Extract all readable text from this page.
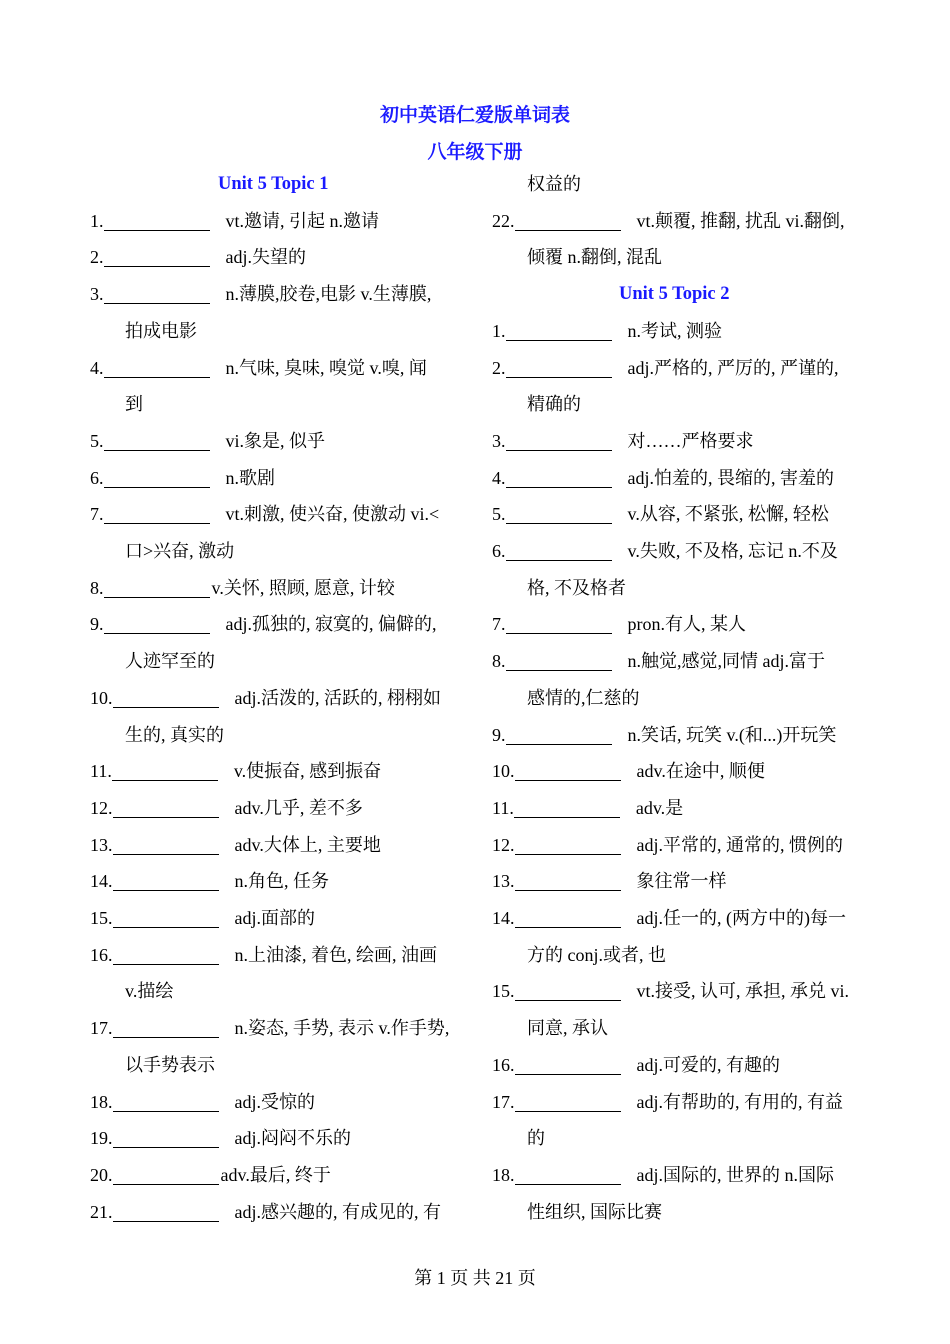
初中英语仁爱版单词表
八年级下册
Unit 5 Topic 1
1.	vt.邀请, 引起 n.邀请
2.	adj.失望的
3.	n.薄膜,胶卷,电影 v.生薄膜,
拍成电影
4.	n.气味, 臭味, 嗅觉 v.嗅, 闻
到
5.	vi.象是, 似乎
6.	n.歌剧
7.	vt.刺激, 使兴奋, 使激动 vi.<
口>兴奋, 激动
8.	v.关怀, 照顾, 愿意, 计较
9.	adj.孤独的, 寂寞的, 偏僻的,
人迹罕至的
10.	adj.活泼的, 活跃的, 栩栩如
生的, 真实的
11.	v.使振奋, 感到振奋
12.	adv.几乎, 差不多
13.	adv.大体上, 主要地
14.	n.角色, 任务
15.	adj.面部的
16.	n.上油漆, 着色, 绘画, 油画
v.描绘
17.	n.姿态, 手势, 表示 v.作手势,
以手势表示
18.	adj.受惊的
19.	adj.闷闷不乐的
20.	adv.最后, 终于
21.	adj.感兴趣的, 有成见的, 有
权益的
22.	vt.颠覆, 推翻, 扰乱 vi.翻倒,
倾覆 n.翻倒, 混乱
Unit 5 Topic 2
1.	n.考试, 测验
2.	adj.严格的, 严厉的, 严谨的,
精确的
3.	对……严格要求
4.	adj.怕羞的, 畏缩的, 害羞的
5.	v.从容, 不紧张, 松懈, 轻松
6.	v.失败, 不及格, 忘记 n.不及
格, 不及格者
7.	pron.有人, 某人
8.	n.触觉,感觉,同情 adj.富于
感情的,仁慈的
9.	n.笑话, 玩笑 v.(和...)开玩笑
10.	adv.在途中, 顺便
11.	adv.是
12.	adj.平常的, 通常的, 惯例的
13.	象往常一样
14.	adj.任一的, (两方中的)每一
方的 conj.或者, 也
15.	vt.接受, 认可, 承担, 承兑 vi.
同意, 承认
16.	adj.可爱的, 有趣的
17.	adj.有帮助的, 有用的, 有益
的
18.	adj.国际的, 世界的 n.国际
性组织, 国际比赛
第 1 页 共 21 页
